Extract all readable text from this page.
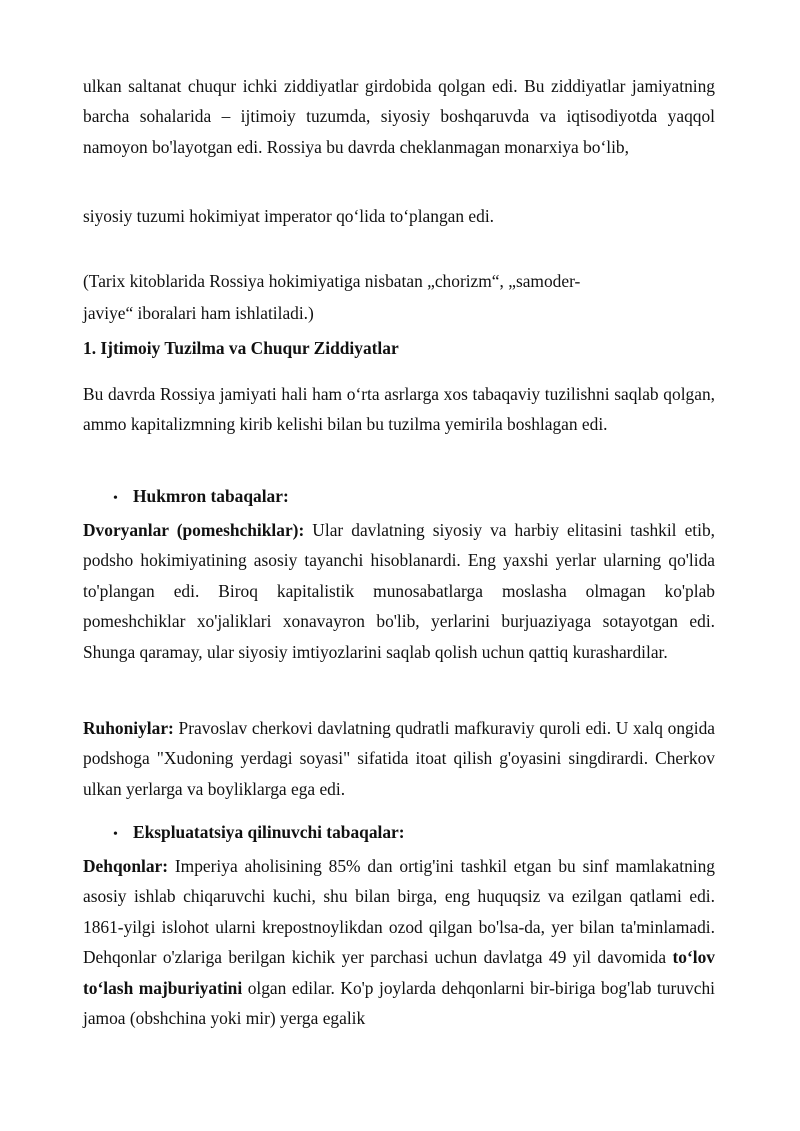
ulkan saltanat chuqur ichki ziddiyatlar girdobida qolgan edi. Bu ziddiyatlar jamiyatning barcha sohalarida – ijtimoiy tuzumda, siyosiy boshqaruvda va iqtisodiyotda yaqqol namoyon bo'layotgan edi. Rossiya bu davrda cheklanmagan monarxiya bo‘lib,

siyosiy tuzumi hokimiyat imperator qo‘lida to‘plangan edi.

(Tarix kitoblarida Rossiya hokimiyatiga nisbatan „chorizm“, „samoder-

javiye“ iboralari ham ishlatiladi.)

1. Ijtimoiy Tuzilma va Chuqur Ziddiyatlar

Bu davrda Rossiya jamiyati hali ham o‘rta asrlarga xos tabaqaviy tuzilishni saqlab qolgan, ammo kapitalizmning kirib kelishi bilan bu tuzilma yemirila boshlagan edi.

• Hukmron tabaqalar:

Dvoryanlar (pomeshchiklar): Ular davlatning siyosiy va harbiy elitasini tashkil etib, podsho hokimiyatining asosiy tayanchi hisoblanardi. Eng yaxshi yerlar ularning qo'lida to'plangan edi. Biroq kapitalistik munosabatlarga moslasha olmagan ko'plab pomeshchiklar xo'jaliklari xonavayron bo'lib, yerlarini burjuaziyaga sotayotgan edi. Shunga qaramay, ular siyosiy imtiyozlarini saqlab qolish uchun qattiq kurashardilar.

Ruhoniylar: Pravoslav cherkovi davlatning qudratli mafkuraviy quroli edi. U xalq ongida podshoga "Xudoning yerdagi soyasi" sifatida itoat qilish g'oyasini singdirardi. Cherkov ulkan yerlarga va boyliklarga ega edi.

• Ekspluatatsiya qilinuvchi tabaqalar:

Dehqonlar: Imperiya aholisining 85% dan ortig'ini tashkil etgan bu sinf mamlakatning asosiy ishlab chiqaruvchi kuchi, shu bilan birga, eng huquqsiz va ezilgan qatlami edi. 1861-yilgi islohot ularni krepostnoylikdan ozod qilgan bo'lsa-da, yer bilan ta'minlamadi. Dehqonlar o'zlariga berilgan kichik yer parchasi uchun davlatga 49 yil davomida to‘lov to‘lash majburiyatini olgan edilar. Ko'p joylarda dehqonlarni bir-biriga bog'lab turuvchi jamoa (obshchina yoki mir) yerga egalik
